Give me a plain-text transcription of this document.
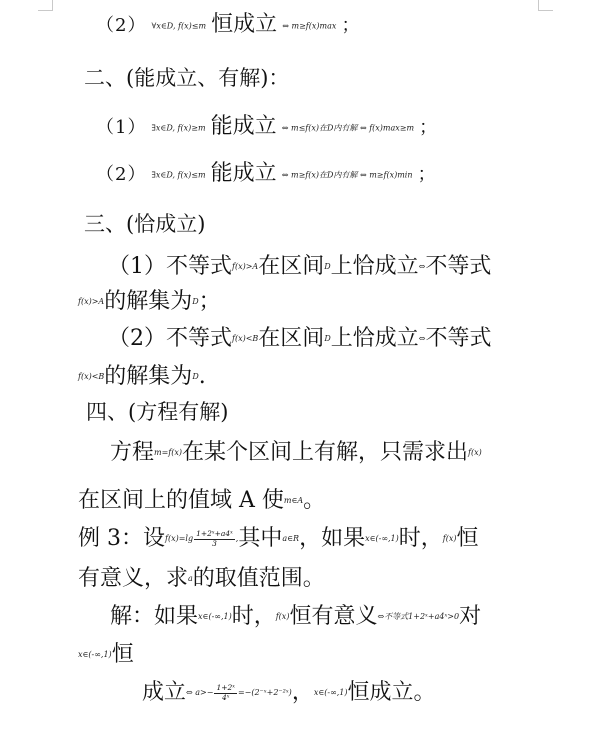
（2） ∀x∈D, f(x)≤m 恒成立 ⇔ m≥f(x)max ；
二、(能成立、有解)：
（1） ∃x∈D, f(x)≥m 能成立 ⇔ m≤f(x)在D内有解 ⇔ f(x)max≥m ；
（2） ∃x∈D, f(x)≤m 能成立 ⇔ m≥f(x)在D内有解 ⇔ m≥f(x)min ；
三、(恰成立)
（1）不等式f(x)>A在区间D上恰成立⇔不等式
f(x)>A的解集为D；
（2）不等式f(x)<B在区间D上恰成立⇔不等式
f(x)<B的解集为D.
四、(方程有解)
方程m=f(x)在某个区间上有解，只需求出f(x)
在区间上的值域 A 使m∈A。
例 3：设$f(x)=\lg \frac{\text{1+2ˣ+a4ˣ}}{3}$ ,其中a∈R，如果x∈(-∞,1)时，f(x)恒
有意义，求a的取值范围。
解：如果x∈(-∞,1)时，f(x)恒有意义⇔不等式1+2ˣ+a4ˣ>0对
x∈(-∞,1)恒
成立⇔ $a>- \frac{\text{1+2ˣ}}{\text{4ˣ}}$ =−(2⁻ˣ+2⁻²ˣ)，x∈(-∞,1)恒成立。
